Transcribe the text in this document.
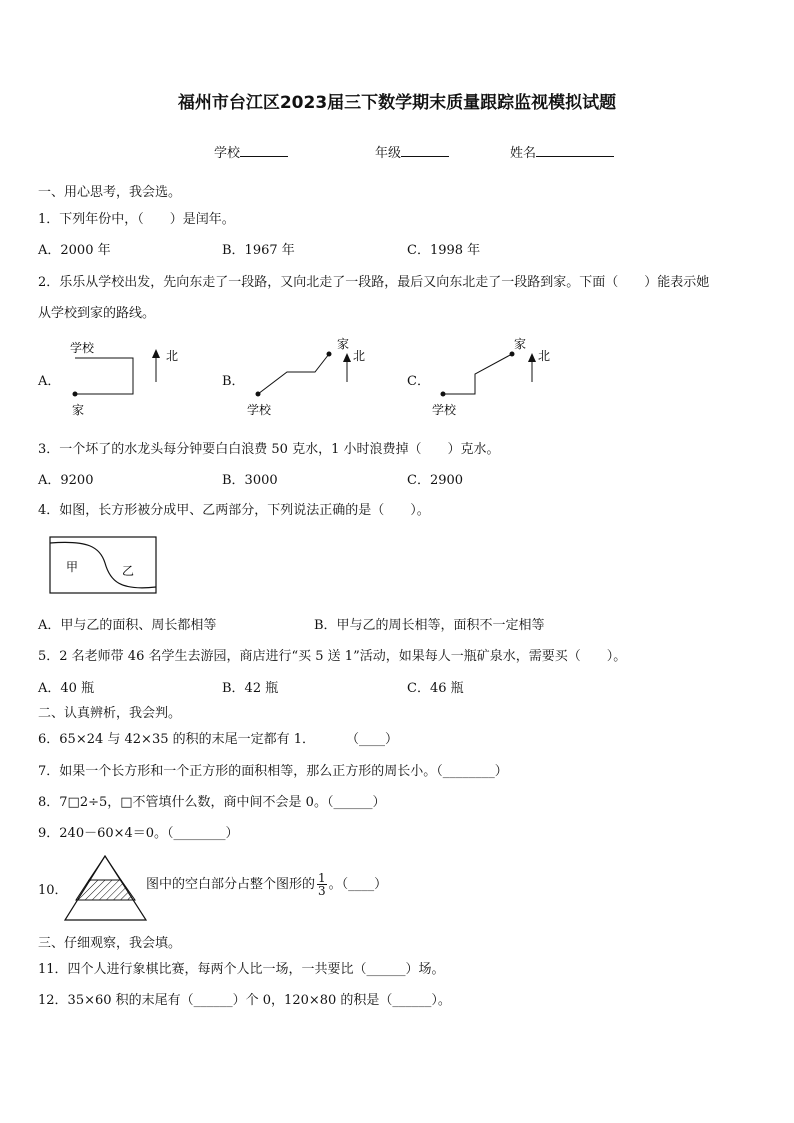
福州市台江区2023届三下数学期末质量跟踪监视模拟试题
学校	年级	姓名
一、用心思考，我会选。
1．下列年份中，（　　）是闰年。
A．2000 年	B．1967 年	C．1998 年
2．乐乐从学校出发，先向东走了一段路，又向北走了一段路，最后又向东北走了一段路到家。下面（　　）能表示她
从学校到家的路线。
A．
学校
家
北
B．
家
学校
北
C．
家
学校
北
3．一个坏了的水龙头每分钟要白白浪费 50 克水，1 小时浪费掉（　　）克水。
A．9200	B．3000	C．2900
4．如图，长方形被分成甲、乙两部分，下列说法正确的是（　　）。
甲	乙
A．甲与乙的面积、周长都相等	B．甲与乙的周长相等，面积不一定相等
5．2 名老师带 46 名学生去游园，商店进行“买 5 送 1”活动，如果每人一瓶矿泉水，需要买（　　）。
A．40 瓶	B．42 瓶	C．46 瓶
二、认真辨析，我会判。
6．65×24 与 42×35 的积的末尾一定都有 1． （____）
7．如果一个长方形和一个正方形的面积相等，那么正方形的周长小。（________）
8．7□2÷5，□不管填什么数，商中间不会是 0。（______）
9．240－60×4＝0。（________）
10．	图中的空白部分占整个图形的 $\frac{1}{3}$ 。（____）
三、仔细观察，我会填。
11．四个人进行象棋比赛，每两个人比一场，一共要比（______）场。
12．35×60 积的末尾有（______）个 0，120×80 的积是（______）。
